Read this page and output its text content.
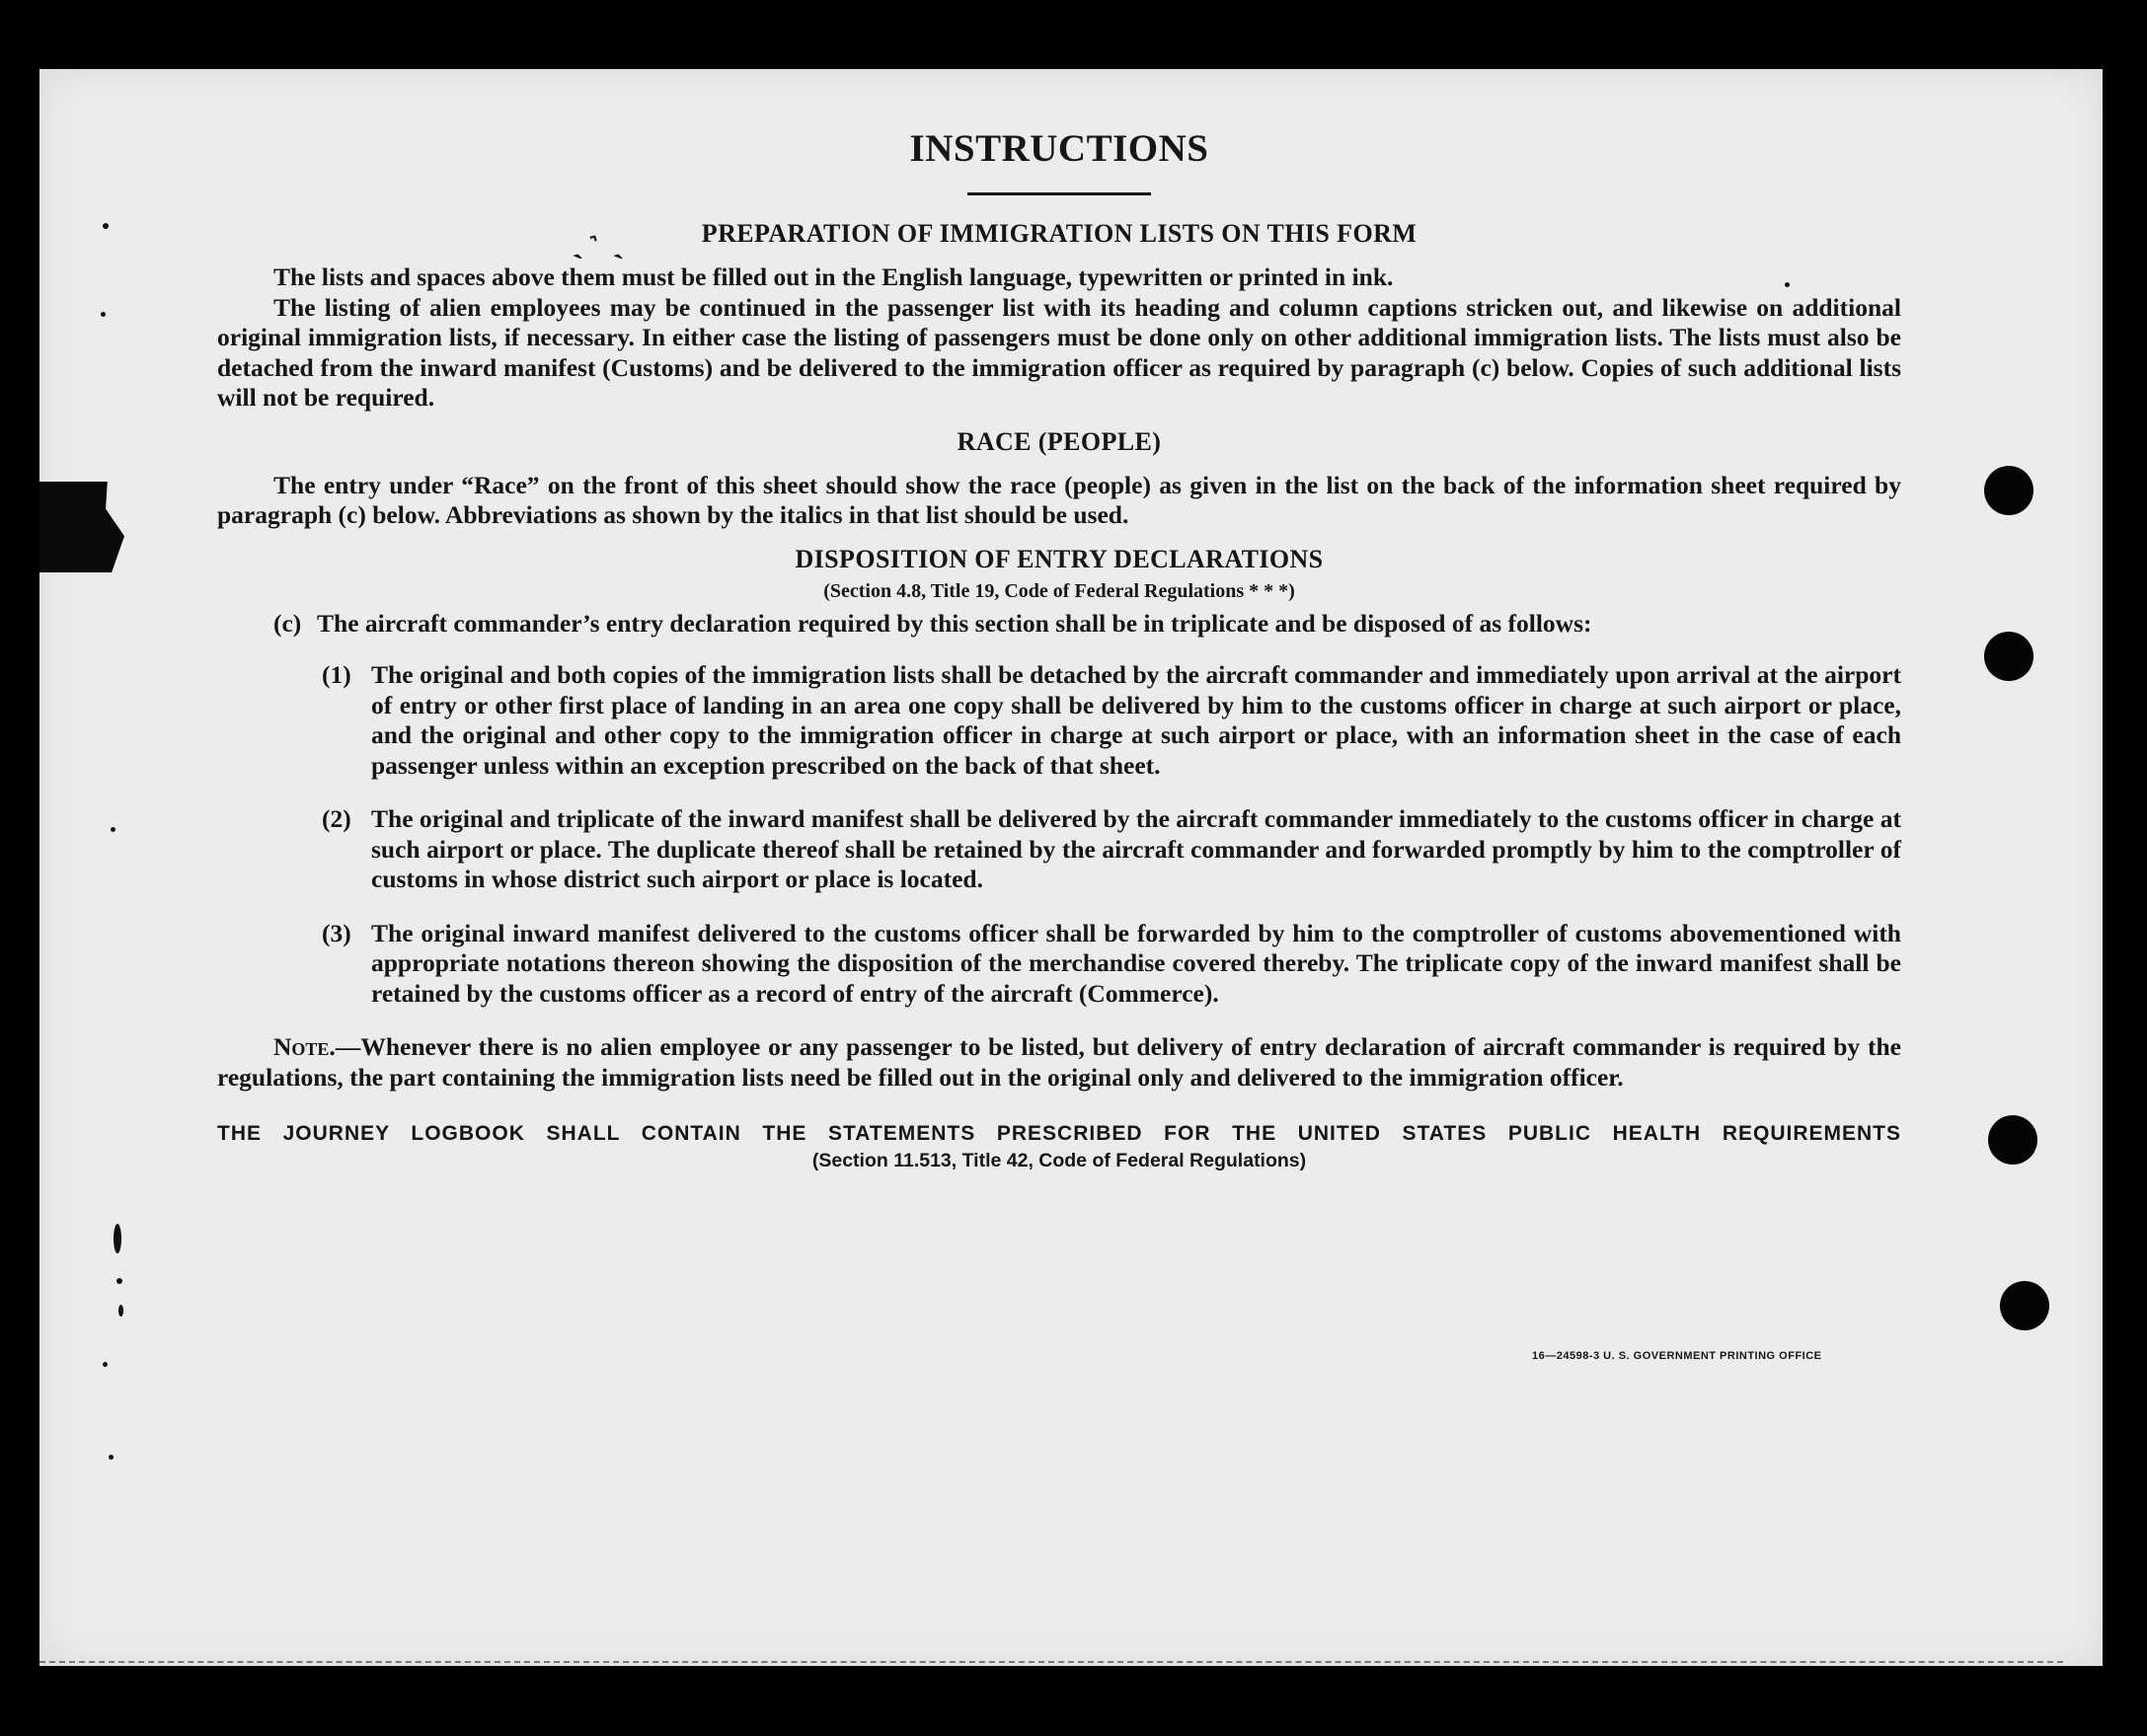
˴ ˺ ˎ
INSTRUCTIONS
PREPARATION OF IMMIGRATION LISTS ON THIS FORM

The lists and spaces above them must be filled out in the English language, typewritten or printed in ink.

The listing of alien employees may be continued in the passenger list with its heading and column captions stricken out, and likewise on additional original immigration lists, if necessary. In either case the listing of passengers must be done only on other additional immigration lists. The lists must also be detached from the inward manifest (Customs) and be delivered to the immigration officer as required by paragraph (c) below. Copies of such additional lists will not be required.

RACE (PEOPLE)

The entry under “Race” on the front of this sheet should show the race (people) as given in the list on the back of the information sheet required by paragraph (c) below. Abbreviations as shown by the italics in that list should be used.

DISPOSITION OF ENTRY DECLARATIONS
(Section 4.8, Title 19, Code of Federal Regulations * * *)
(c) The aircraft commander’s entry declaration required by this section shall be in triplicate and be disposed of as follows:

(1) The original and both copies of the immigration lists shall be detached by the aircraft commander and immediately upon arrival at the airport of entry or other first place of landing in an area one copy shall be delivered by him to the customs officer in charge at such airport or place, and the original and other copy to the immigration officer in charge at such airport or place, with an information sheet in the case of each passenger unless within an exception prescribed on the back of that sheet.

(2) The original and triplicate of the inward manifest shall be delivered by the aircraft commander immediately to the customs officer in charge at such airport or place. The duplicate thereof shall be retained by the aircraft commander and forwarded promptly by him to the comptroller of customs in whose district such airport or place is located.

(3) The original inward manifest delivered to the customs officer shall be forwarded by him to the comptroller of customs abovementioned with appropriate notations thereon showing the disposition of the merchandise covered thereby. The triplicate copy of the inward manifest shall be retained by the customs officer as a record of entry of the aircraft (Commerce).

Note.—Whenever there is no alien employee or any passenger to be listed, but delivery of entry declaration of aircraft commander is required by the regulations, the part containing the immigration lists need be filled out in the original only and delivered to the immigration officer.

THE JOURNEY LOGBOOK SHALL CONTAIN THE STATEMENTS PRESCRIBED FOR THE UNITED STATES PUBLIC HEALTH REQUIREMENTS
(Section 11.513, Title 42, Code of Federal Regulations)
16—24598-3 U. S. GOVERNMENT PRINTING OFFICE
